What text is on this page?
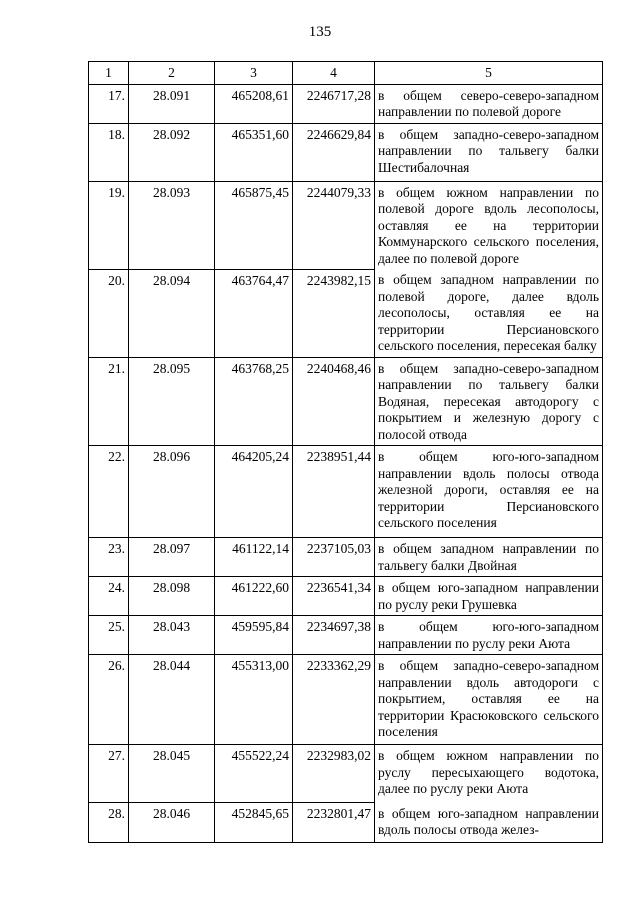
135
1	2	3	4	5
17.	28.091	465208,61	2246717,28	в общем северо-северо-западном направлении по полевой дороге
18.	28.092	465351,60	2246629,84	в общем западно-северо-западном направлении по тальвегу балки Шестибалочная
19.	28.093	465875,45	2244079,33	в общем южном направлении по полевой дороге вдоль лесополосы, оставляя ее на территории Коммунарского сельского поселения, далее по полевой дороге
20.	28.094	463764,47	2243982,15	в общем западном направлении по полевой дороге, далее вдоль лесополосы, оставляя ее на территории Персиановского сельского поселения, пересекая балку
21.	28.095	463768,25	2240468,46	в общем западно-северо-западном направлении по тальвегу балки Водяная, пересекая автодорогу с покрытием и железную дорогу с полосой отвода
22.	28.096	464205,24	2238951,44	в общем юго-юго-западном направлении вдоль полосы отвода железной дороги, оставляя ее на территории Персиановского сельского поселения
23.	28.097	461122,14	2237105,03	в общем западном направлении по тальвегу балки Двойная
24.	28.098	461222,60	2236541,34	в общем юго-западном направлении по руслу реки Грушевка
25.	28.043	459595,84	2234697,38	в общем юго-юго-западном направлении по руслу реки Аюта
26.	28.044	455313,00	2233362,29	в общем западно-северо-западном направлении вдоль автодороги с покрытием, оставляя ее на территории Красюковского сельского поселения
27.	28.045	455522,24	2232983,02	в общем южном направлении по руслу пересыхающего водотока, далее по руслу реки Аюта
28.	28.046	452845,65	2232801,47	в общем юго-западном направлении вдоль полосы отвода желез-
